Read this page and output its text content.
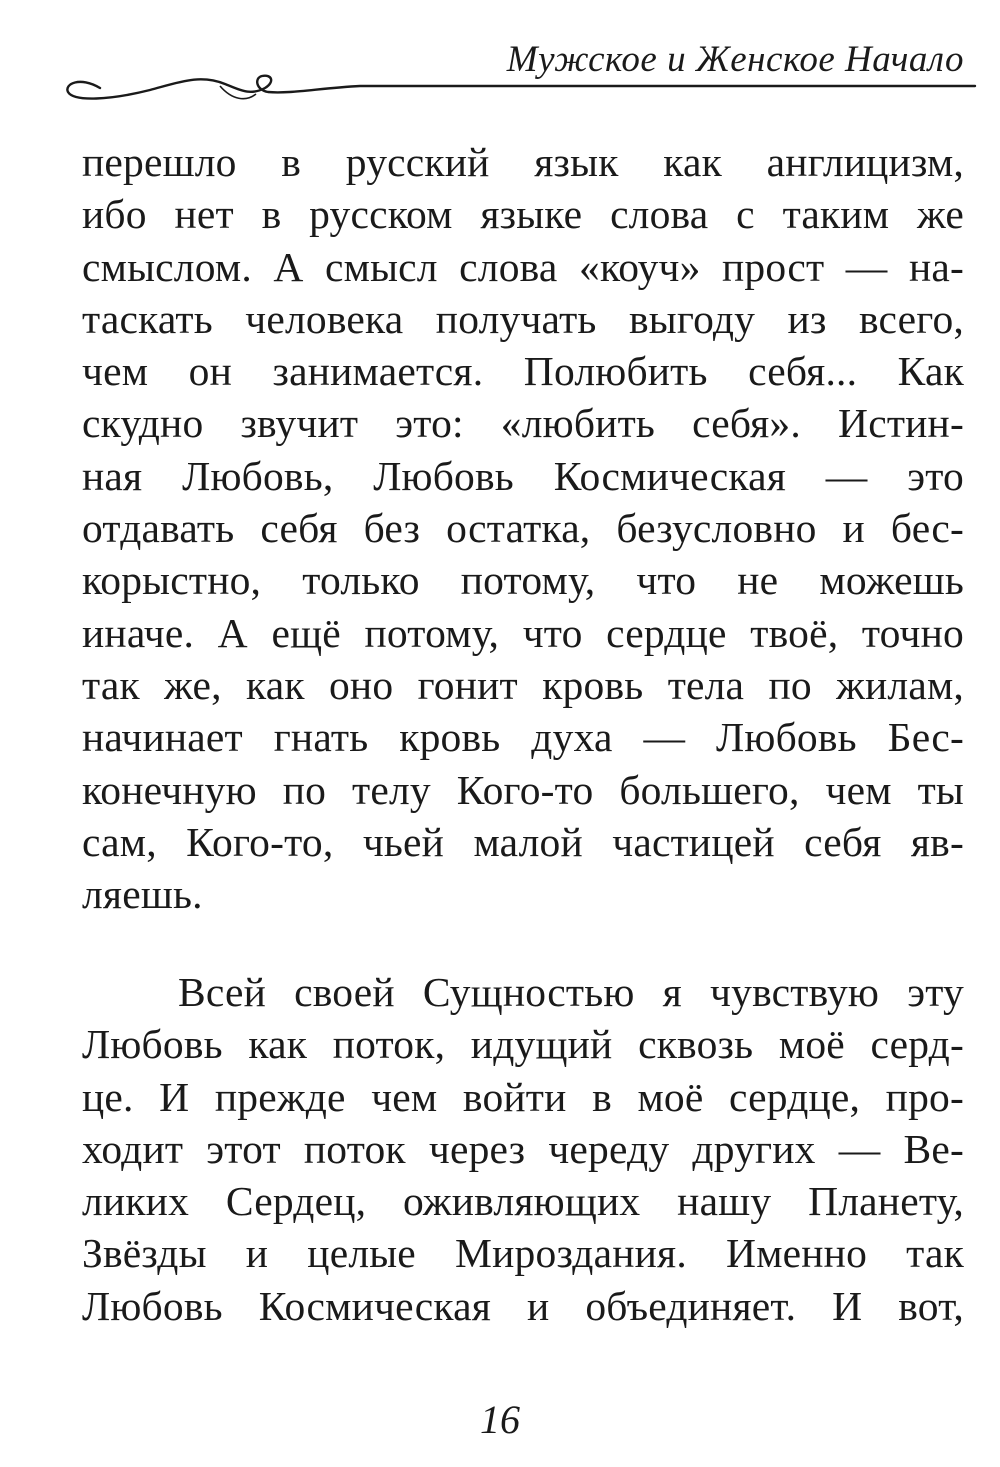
Мужское и Женское Начало
перешло в русский язык как англицизм,
ибо нет в русском языке слова с таким же
смыслом. А смысл слова «коуч» прост — на-
таскать человека получать выгоду из всего,
чем он занимается. Полюбить себя... Как
скудно звучит это: «любить себя». Истин-
ная Любовь, Любовь Космическая — это
отдавать себя без остатка, безусловно и бес-
корыстно, только потому, что не можешь
иначе. А ещё потому, что сердце твоё, точно
так же, как оно гонит кровь тела по жилам,
начинает гнать кровь духа — Любовь Бес-
конечную по телу Кого-то большего, чем ты
сам, Кого-то, чьей малой частицей себя яв-
ляешь.
Всей своей Сущностью я чувствую эту
Любовь как поток, идущий сквозь моё серд-
це. И прежде чем войти в моё сердце, про-
ходит этот поток через череду других — Ве-
ликих Сердец, оживляющих нашу Планету,
Звёзды и целые Мироздания. Именно так
Любовь Космическая и объединяет. И вот,
16
